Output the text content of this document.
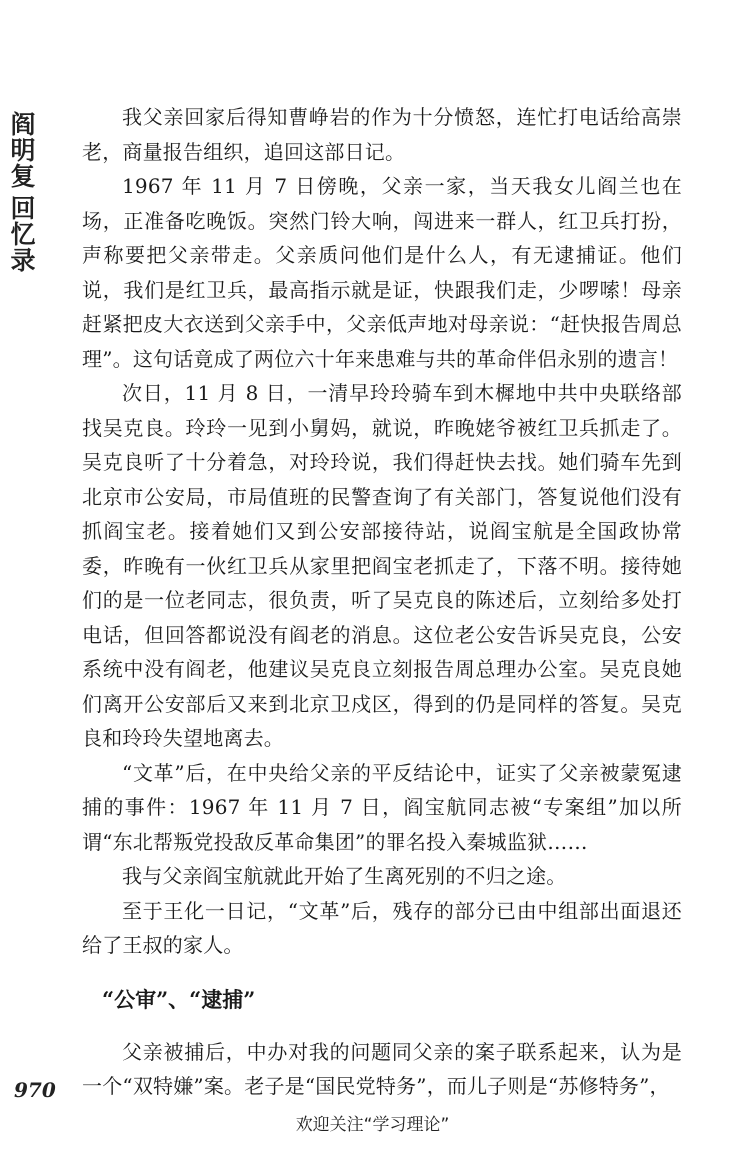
阎明复
回忆录

我父亲回家后得知曹峥岩的作为十分愤怒，连忙打电话给高崇老，商量报告组织，追回这部日记。

1967 年 11 月 7 日傍晚，父亲一家，当天我女儿阎兰也在场，正准备吃晚饭。突然门铃大响，闯进来一群人，红卫兵打扮，声称要把父亲带走。父亲质问他们是什么人，有无逮捕证。他们说，我们是红卫兵，最高指示就是证，快跟我们走，少啰嗦！母亲赶紧把皮大衣送到父亲手中，父亲低声地对母亲说：“赶快报告周总理”。这句话竟成了两位六十年来患难与共的革命伴侣永别的遗言！

次日，11 月 8 日，一清早玲玲骑车到木樨地中共中央联络部找吴克良。玲玲一见到小舅妈，就说，昨晚姥爷被红卫兵抓走了。吴克良听了十分着急，对玲玲说，我们得赶快去找。她们骑车先到北京市公安局，市局值班的民警查询了有关部门，答复说他们没有抓阎宝老。接着她们又到公安部接待站，说阎宝航是全国政协常委，昨晚有一伙红卫兵从家里把阎宝老抓走了，下落不明。接待她们的是一位老同志，很负责，听了吴克良的陈述后，立刻给多处打电话，但回答都说没有阎老的消息。这位老公安告诉吴克良，公安系统中没有阎老，他建议吴克良立刻报告周总理办公室。吴克良她们离开公安部后又来到北京卫戍区，得到的仍是同样的答复。吴克良和玲玲失望地离去。

“文革”后，在中央给父亲的平反结论中，证实了父亲被蒙冤逮捕的事件：1967 年 11 月 7 日，阎宝航同志被“专案组”加以所谓“东北帮叛党投敌反革命集团”的罪名投入秦城监狱……

我与父亲阎宝航就此开始了生离死别的不归之途。

至于王化一日记，“文革”后，残存的部分已由中组部出面退还给了王叔的家人。

“公审”、“逮捕”

父亲被捕后，中办对我的问题同父亲的案子联系起来，认为是一个“双特嫌”案。老子是“国民党特务”，而儿子则是“苏修特务”，

970
欢迎关注“学习理论”
